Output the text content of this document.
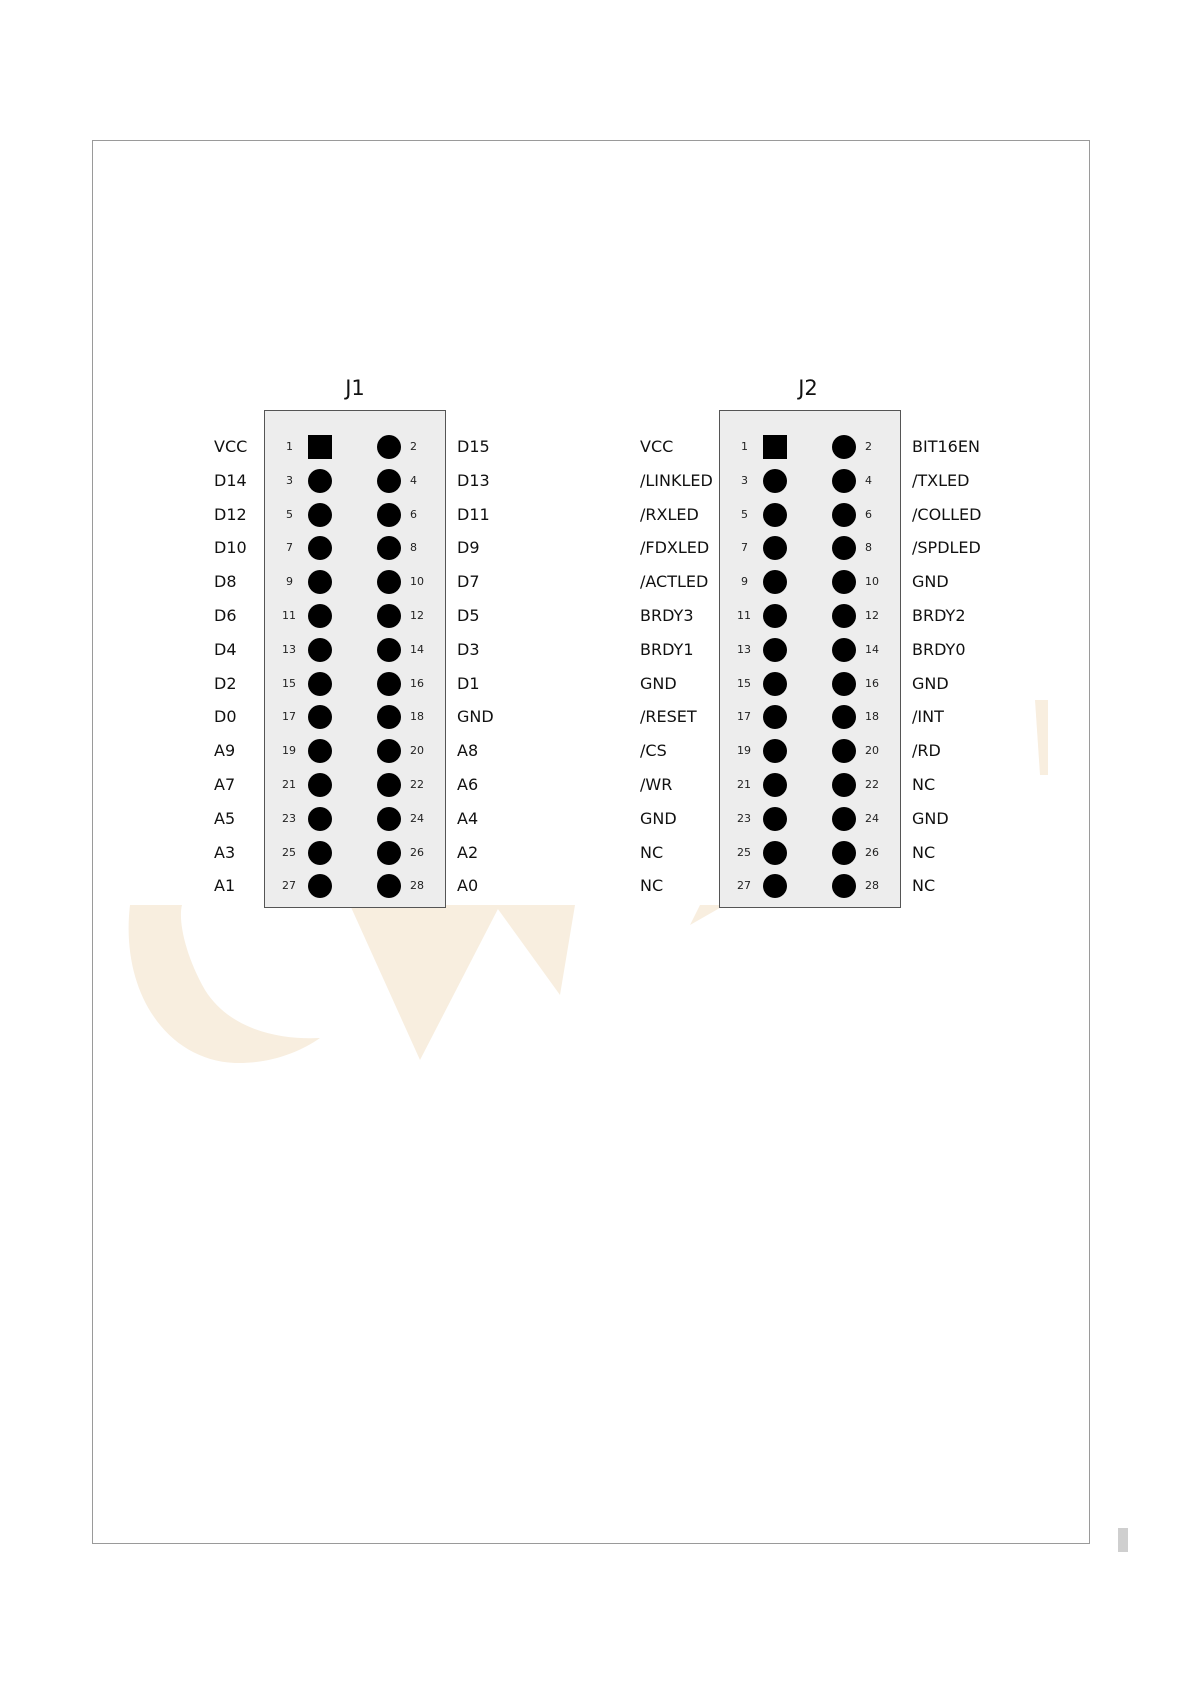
J1
VCC	1	2	D15
D14	3	4	D13
D12	5	6	D11
D10	7	8	D9
D8	9	10 D7
D6	11	12 D5
D4	13	14 D3
D2	15	16 D1
D0	17	18 GND
A9	19	20 A8
A7	21	22 A6
A5	23	24 A4
A3	25	26 A2
A1	27	28 A0
J2
VCC	1	2	BIT16EN
/LINKLED	3	4	/TXLED
/RXLED	5	6	/COLLED
/FDXLED	7	8	/SPDLED
/ACTLED	9	10 GND
BRDY3	11	12 BRDY2
BRDY1	13	14 BRDY0
GND	15	16 GND
/RESET	17	18 /INT
/CS	19	20 /RD
/WR	21	22 NC
GND	23	24 GND
NC	25	26 NC
NC	27	28 NC
